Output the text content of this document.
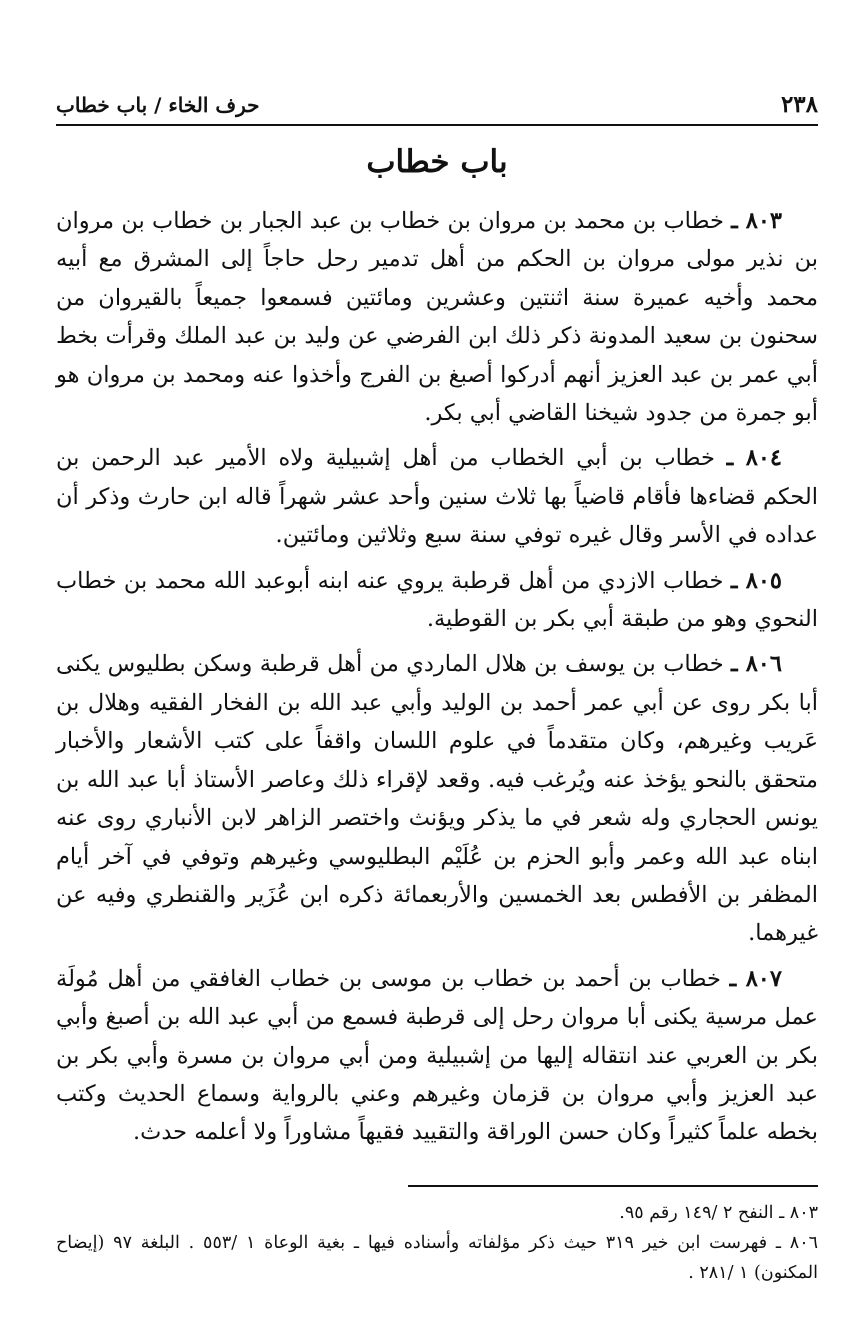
٢٣٨
حرف الخاء / باب خطاب
باب خطاب

٨٠٣ ـ خطاب بن محمد بن مروان بن خطاب بن عبد الجبار بن خطاب بن مروان بن نذير مولى مروان بن الحكم من أهل تدمير رحل حاجاً إلى المشرق مع أبيه محمد وأخيه عميرة سنة اثنتين وعشرين ومائتين فسمعوا جميعاً بالقيروان من سحنون بن سعيد المدونة ذكر ذلك ابن الفرضي عن وليد بن عبد الملك وقرأت بخط أبي عمر بن عبد العزيز أنهم أدركوا أصبغ بن الفرج وأخذوا عنه ومحمد بن مروان هو أبو جمرة من جدود شيخنا القاضي أبي بكر.

٨٠٤ ـ خطاب بن أبي الخطاب من أهل إشبيلية ولاه الأمير عبد الرحمن بن الحكم قضاءها فأقام قاضياً بها ثلاث سنين وأحد عشر شهراً قاله ابن حارث وذكر أن عداده في الأسر وقال غيره توفي سنة سبع وثلاثين ومائتين.

٨٠٥ ـ خطاب الازدي من أهل قرطبة يروي عنه ابنه أبوعبد الله محمد بن خطاب النحوي وهو من طبقة أبي بكر بن القوطية.

٨٠٦ ـ خطاب بن يوسف بن هلال الماردي من أهل قرطبة وسكن بطليوس يكنى أبا بكر روى عن أبي عمر أحمد بن الوليد وأبي عبد الله بن الفخار الفقيه وهلال بن عَريب وغيرهم، وكان متقدماً في علوم اللسان واقفاً على كتب الأشعار والأخبار متحقق بالنحو يؤخذ عنه ويُرغب فيه. وقعد لإقراء ذلك وعاصر الأستاذ أبا عبد الله بن يونس الحجاري وله شعر في ما يذكر ويؤنث واختصر الزاهر لابن الأنباري روى عنه ابناه عبد الله وعمر وأبو الحزم بن عُلَيْم البطليوسي وغيرهم وتوفي في آخر أيام المظفر بن الأفطس بعد الخمسين والأربعمائة ذكره ابن عُزَير والقنطري وفيه عن غيرهما.

٨٠٧ ـ خطاب بن أحمد بن خطاب بن موسى بن خطاب الغافقي من أهل مُولَة عمل مرسية يكنى أبا مروان رحل إلى قرطبة فسمع من أبي عبد الله بن أصبغ وأبي بكر بن العربي عند انتقاله إليها من إشبيلية ومن أبي مروان بن مسرة وأبي بكر بن عبد العزيز وأبي مروان بن قزمان وغيرهم وعني بالرواية وسماع الحديث وكتب بخطه علماً كثيراً وكان حسن الوراقة والتقييد فقيهاً مشاوراً ولا أعلمه حدث.

٨٠٣ ـ النفح ٢ /١٤٩ رقم ٩٥.

٨٠٦ ـ فهرست ابن خير ٣١٩ حيث ذكر مؤلفاته وأسناده فيها ـ بغية الوعاة ١ /٥٥٣ . البلغة ٩٧ (إيضاح المكنون) ١ /٢٨١ .
